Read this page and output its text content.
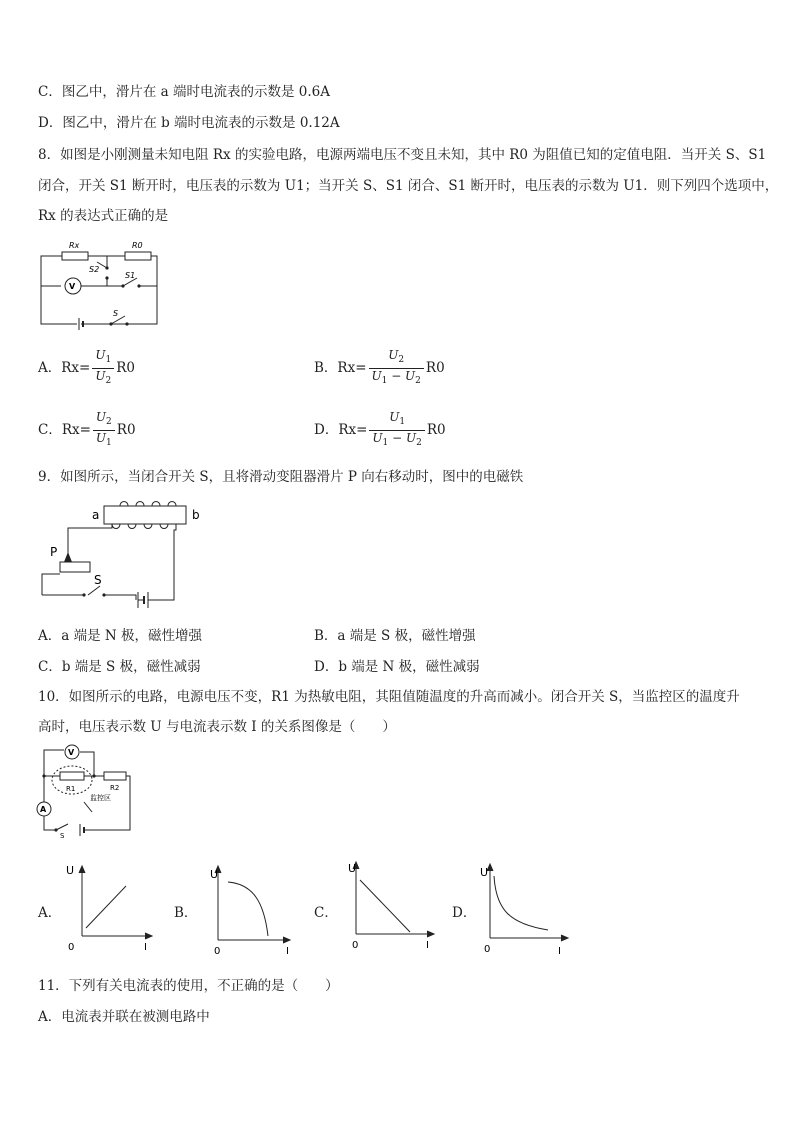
C．图乙中，滑片在 a 端时电流表的示数是 0.6A
D．图乙中，滑片在 b 端时电流表的示数是 0.12A
8．如图是小刚测量未知电阻 Rx 的实验电路，电源两端电压不变且未知，其中 R0 为阻值已知的定值电阻．当开关 S、S1
闭合，开关 S1 断开时，电压表的示数为 U1；当开关 S、S1 闭合、S1 断开时，电压表的示数为 U1．则下列四个选项中，
Rx 的表达式正确的是
Rx	R0
S2
S1
S
V
A．$Rx= \frac{U_1}{U_2} R0$	B．$Rx= \frac{U_2}{U_1 - U_2} R0$
C．$Rx= \frac{U_2}{U_1} R0$	D．$Rx= \frac{U_1}{U_1 - U_2} R0$
9．如图所示，当闭合开关 S，且将滑动变阻器滑片 P 向右移动时，图中的电磁铁
a	b
P
S
A．a 端是 N 极，磁性增强	B．a 端是 S 极，磁性增强
C．b 端是 S 极，磁性减弱	D．b 端是 N 极，磁性减弱
10．如图所示的电路，电源电压不变，R1 为热敏电阻，其阻值随温度的升高而减小。闭合开关 S，当监控区的温度升
高时，电压表示数 U 与电流表示数 I 的关系图像是（　　）
V
A
R1	R2
监控区
S
A．
U
0	I
B．
U
0	I
C．
U
0	I
D．
U
0	I
11．下列有关电流表的使用，不正确的是（　　）
A．电流表并联在被测电路中
